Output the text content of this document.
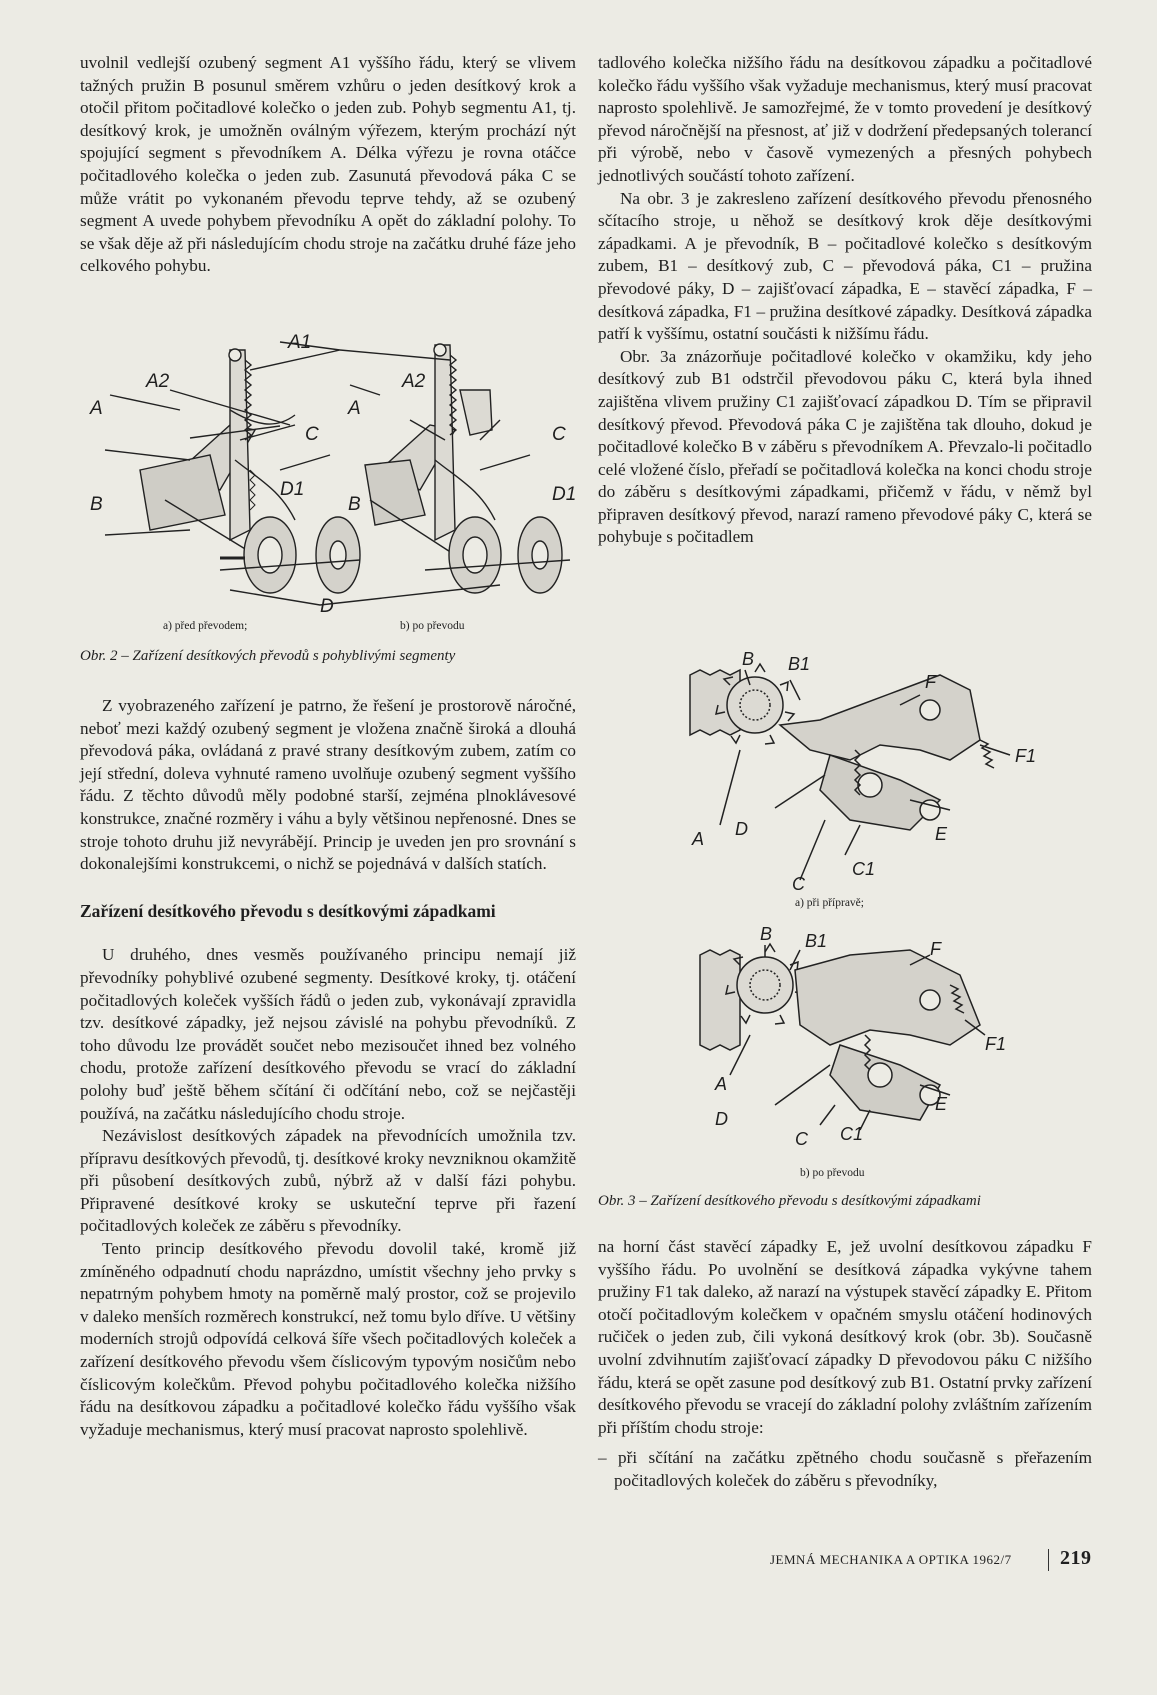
uvolnil vedlejší ozubený segment A1 vyššího řádu, který se vlivem tažných pružin B posunul směrem vzhůru o jeden desítkový krok a otočil přitom počitadlové kolečko o jeden zub. Pohyb segmentu A1, tj. desítkový krok, je umožněn oválným výřezem, kterým prochází nýt spojující segment s převodníkem A. Délka výřezu je rovna otáčce počitadlového kolečka o jeden zub. Zasunutá převodová páka C se může vrátit po vykonaném převodu teprve tehdy, až se ozubený segment A uvede pohybem převodníku A opět do základní polohy. To se však děje až při následujícím chodu stroje na začátku druhé fáze jeho celkového pohybu.

A1
A2
A
B
C
D1
D
A2
A
B
C
D1
a) před převodem;	b) po převodu
Obr. 2 – Zařízení desítkových převodů s pohyblivými segmenty

Z vyobrazeného zařízení je patrno, že řešení je prostorově náročné, neboť mezi každý ozubený segment je vložena značně široká a dlouhá převodová páka, ovládaná z pravé strany desítkovým zubem, zatím co její střední, doleva vyhnuté rameno uvolňuje ozubený segment vyššího řádu. Z těchto důvodů měly podobné starší, zejména plnoklávesové konstrukce, značné rozměry i váhu a byly většinou nepřenosné. Dnes se stroje tohoto druhu již nevyrábějí. Princip je uveden jen pro srovnání s dokonalejšími konstrukcemi, o nichž se pojednává v dalších statích.

Zařízení desítkového převodu s desítkovými západkami

U druhého, dnes vesměs používaného principu nemají již převodníky pohyblivé ozubené segmenty. Desítkové kroky, tj. otáčení počitadlových koleček vyšších řádů o jeden zub, vykonávají zpravidla tzv. desítkové západky, jež nejsou závislé na pohybu převodníků. Z toho důvodu lze provádět součet nebo mezisoučet ihned bez volného chodu, protože zařízení desítkového převodu se vrací do základní polohy buď ještě během sčítání či odčítání nebo, což se nejčastěji používá, na začátku následujícího chodu stroje.

Nezávislost desítkových západek na převodnících umožnila tzv. přípravu desítkových převodů, tj. desítkové kroky nevzniknou okamžitě při působení desítkových zubů, nýbrž až v další fázi pohybu. Připravené desítkové kroky se uskuteční teprve při řazení počitadlových koleček ze záběru s převodníky.

Tento princip desítkového převodu dovolil také, kromě již zmíněného odpadnutí chodu naprázdno, umístit všechny jeho prvky s nepatrným pohybem hmoty na poměrně malý prostor, což se projevilo v daleko menších rozměrech konstrukcí, než tomu bylo dříve. U většiny moderních strojů odpovídá celková šíře všech počitadlových koleček a zařízení desítkového převodu všem číslicovým typovým nosičům nebo číslicovým kolečkům. Převod pohybu počitadlového kolečka nižšího řádu na desítkovou západku a počitadlové kolečko řádu vyššího však vyžaduje mechanismus, který musí pracovat naprosto spolehlivě.

tadlového kolečka nižšího řádu na desítkovou západku a počitadlové kolečko řádu vyššího však vyžaduje mechanismus, který musí pracovat naprosto spolehlivě. Je samozřejmé, že v tomto provedení je desítkový převod náročnější na přesnost, ať již v dodržení předepsaných tolerancí při výrobě, nebo v časově vymezených a přesných pohybech jednotlivých součástí tohoto zařízení.

Na obr. 3 je zakresleno zařízení desítkového převodu přenosného sčítacího stroje, u něhož se desítkový krok děje desítkovými západkami. A je převodník, B – počitadlové kolečko s desítkovým zubem, B1 – desítkový zub, C – převodová páka, C1 – pružina převodové páky, D – zajišťovací západka, E – stavěcí západka, F – desítková západka, F1 – pružina desítkové západky. Desítková západka patří k vyššímu, ostatní součásti k nižšímu řádu.

Obr. 3a znázorňuje počitadlové kolečko v okamžiku, kdy jeho desítkový zub B1 odstrčil převodovou páku C, která byla ihned zajištěna vlivem pružiny C1 zajišťovací západkou D. Tím se připravil desítkový převod. Převodová páka C je zajištěna tak dlouho, dokud je počitadlové kolečko B v záběru s převodníkem A. Převzalo-li počitadlo celé vložené číslo, přeřadí se počitadlová kolečka na konci chodu stroje do záběru s desítkovými západkami, přičemž v řádu, v němž byl připraven desítkový převod, narazí rameno převodové páky C, která se pohybuje s počitadlem

B1
B
F
F1
A D
C
C1
E
a) při přípravě;
B B1	F
F1
A
D
C C1
E
b) po převodu
Obr. 3 – Zařízení desítkového převodu s desítkovými západkami

na horní část stavěcí západky E, jež uvolní desítkovou západku F vyššího řádu. Po uvolnění se desítková západka vykývne tahem pružiny F1 tak daleko, až narazí na výstupek stavěcí západky E. Přitom otočí počitadlovým kolečkem v opačném smyslu otáčení hodinových ručiček o jeden zub, čili vykoná desítkový krok (obr. 3b). Současně uvolní zdvihnutím zajišťovací západky D převodovou páku C nižšího řádu, která se opět zasune pod desítkový zub B1. Ostatní prvky zařízení desítkového převodu se vracejí do základní polohy zvláštním zařízením při příštím chodu stroje:

– při sčítání na začátku zpětného chodu současně s přeřazením počitadlových koleček do záběru s převodníky,

JEMNÁ MECHANIKA A OPTIKA 1962/7 219
